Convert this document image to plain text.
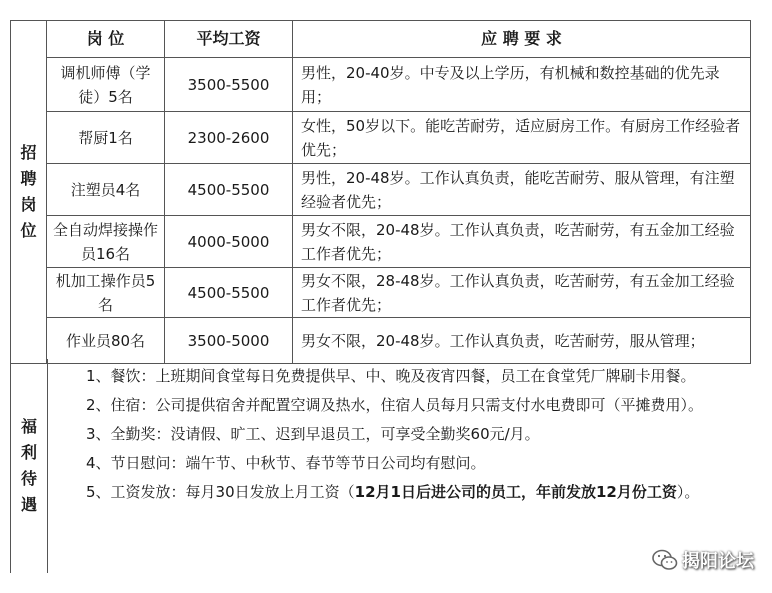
招
聘
岗
位	岗 位	平均工资	应 聘 要 求
	调机师傅（学徒）5名	3500-5500	男性，20-40岁。中专及以上学历，有机械和数控基础的优先录用；
	帮厨1名	2300-2600	女性，50岁以下。能吃苦耐劳，适应厨房工作。有厨房工作经验者优先；
	注塑员4名	4500-5500	男性，20-48岁。工作认真负责，能吃苦耐劳、服从管理，有注塑经验者优先；
	全自动焊接操作员16名	4000-5000	男女不限，20-48岁。工作认真负责，吃苦耐劳，有五金加工经验工作者优先；
	机加工操作员5名	4500-5500	男女不限，28-48岁。工作认真负责，吃苦耐劳，有五金加工经验工作者优先；
	作业员80名	3500-5000	男女不限，20-48岁。工作认真负责，吃苦耐劳，服从管理；
福
利
待
遇

1、餐饮：上班期间食堂每日免费提供早、中、晚及夜宵四餐，员工在食堂凭厂牌刷卡用餐。

2、住宿：公司提供宿舍并配置空调及热水，住宿人员每月只需支付水电费即可（平摊费用）。

3、全勤奖：没请假、旷工、迟到早退员工，可享受全勤奖60元/月。

4、节日慰问：端午节、中秋节、春节等节日公司均有慰问。

5、工资发放：每月30日发放上月工资（12月1日后进公司的员工，年前发放12月份工资）。

揭阳论坛
